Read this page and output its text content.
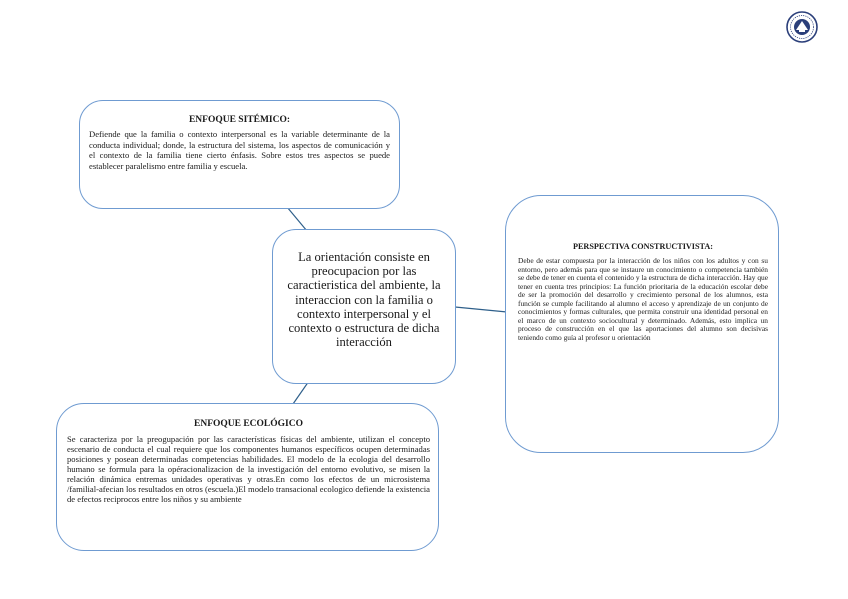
ENFOQUE SITÉMICO:

Defiende que la familia o contexto interpersonal es la variable determinante de la conducta individual; donde, la estructura del sistema, los aspectos de comunicación y el contexto de la familia tiene cierto énfasis. Sobre estos tres aspectos se puede establecer paralelismo entre familia y escuela.

La orientación consiste en preocupacion por las caractieristica del ambiente, la interaccion con la familia o contexto interpersonal y el contexto o estructura de dicha interacción

PERSPECTIVA CONSTRUCTIVISTA:

Debe de estar compuesta por la interacción de los niños con los adultos y con su entorno, pero además para que se instaure un conocimiento o competencia también se debe de tener en cuenta el contenido y la estructura de dicha interacción. Hay que tener en cuenta tres principios: La función prioritaria de la educación escolar debe de ser la promoción del desarrollo y crecimiento personal de los alumnos, esta función se cumple facilitando al alumno el acceso y aprendizaje de un conjunto de conocimientos y formas culturales, que permita construir una identidad personal en el marco de un contexto sociocultural y determinado. Además, esto implica un proceso de construcción en el que las aportaciones del alumno son decisivas teniendo como guía al profesor u orientación

ENFOQUE ECOLÓGICO

Se caracteriza por la preogupación por las características físicas del ambiente, utilizan el concepto escenario de conducta el cual requiere que los componentes humanos específicos ocupen determinadas posiciones y posean determinadas competencias habilidades. El modelo de la ecologia del desarrollo humano se formula para la opéracionalizacion de la investigación del entorno evolutivo, se misen la relación dinámica entremas unidades operativas y otras.En como los efectos de un microsistema /familial-afecian los resultados en otros (escuela.)El modelo transacional ecologico defiende la existencia de efectos reciprocos entre los niños y su ambiente
